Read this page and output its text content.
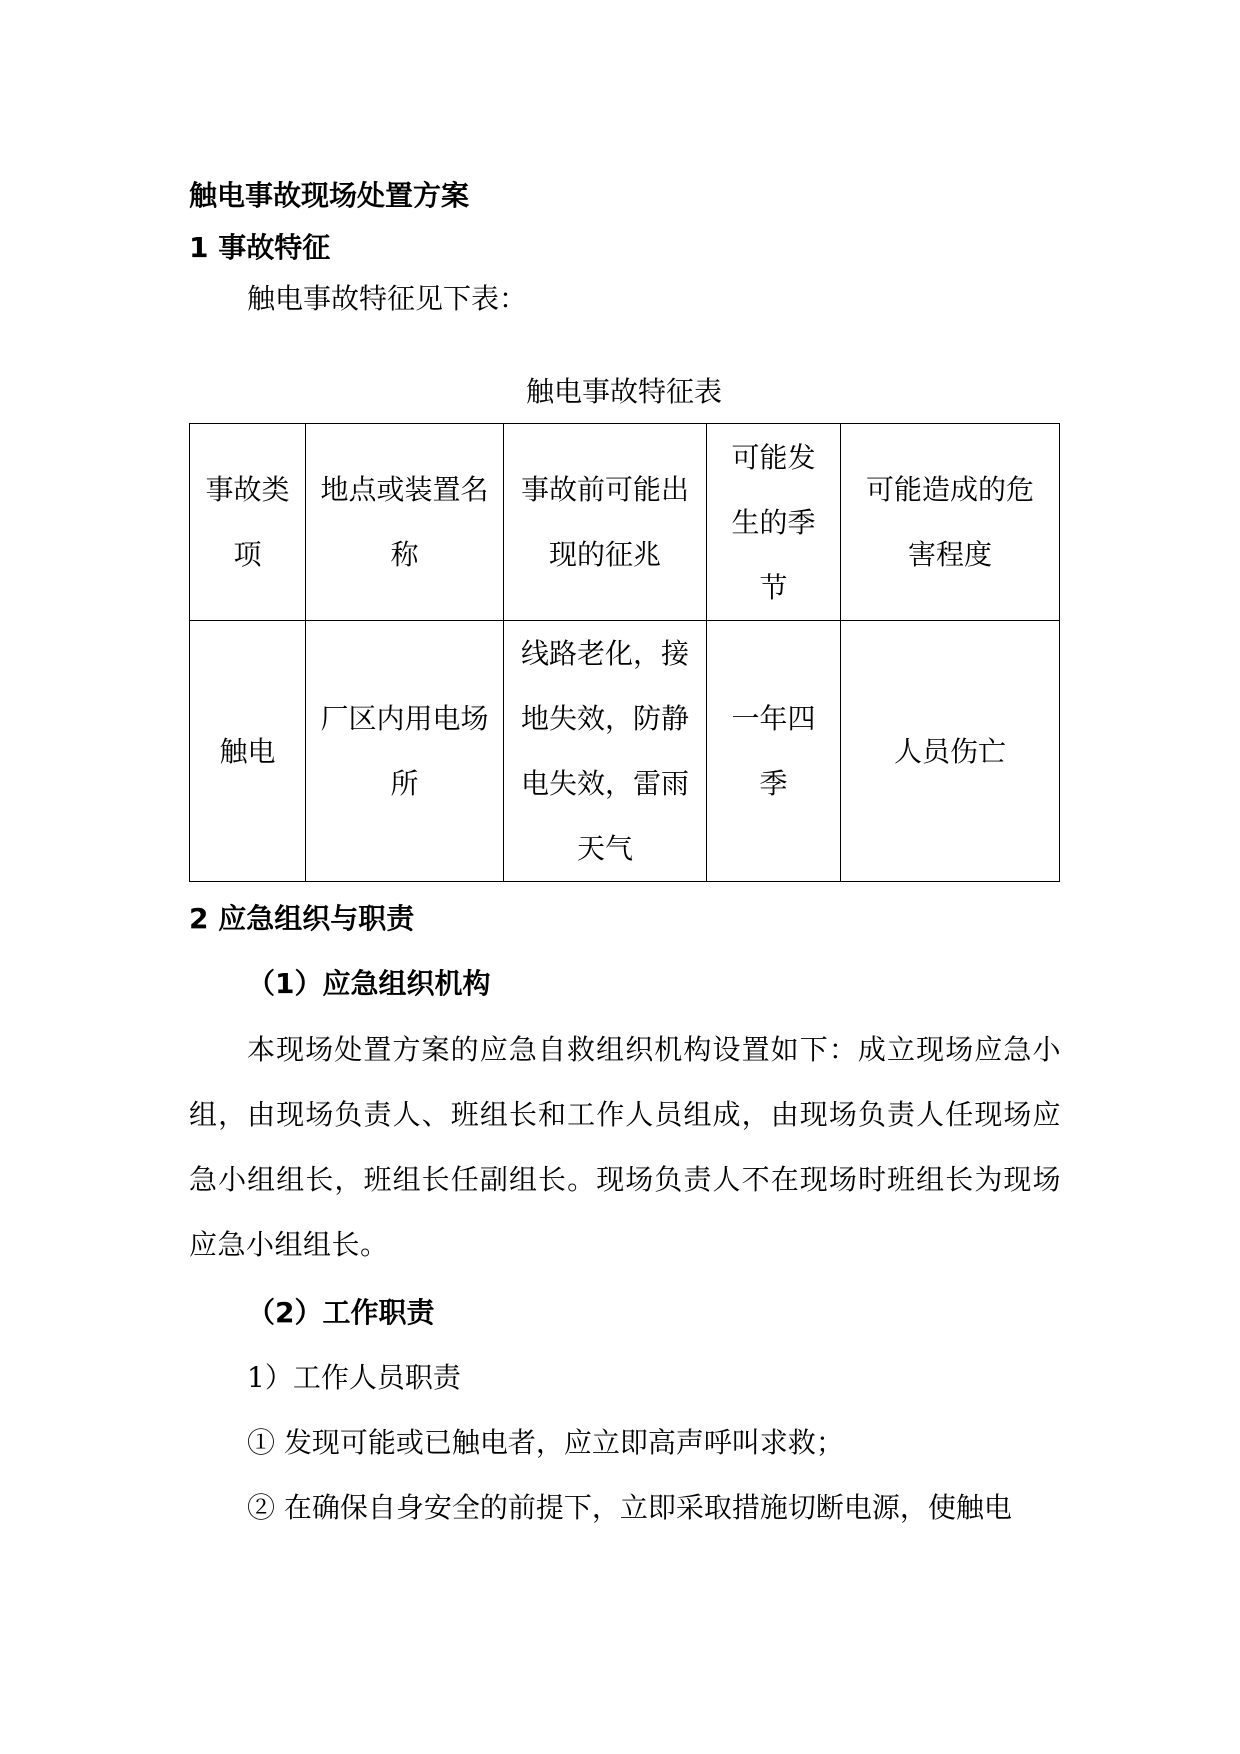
触电事故现场处置方案
1 事故特征
触电事故特征见下表：
触电事故特征表
事故类项	地点或装置名称	事故前可能出现的征兆	可能发生的季节	可能造成的危害程度
触电	厂区内用电场所	线路老化，接地失效，防静电失效，雷雨天气	一年四季	人员伤亡
2 应急组织与职责
（1）应急组织机构
本现场处置方案的应急自救组织机构设置如下：成立现场应急小组，由现场负责人、班组长和工作人员组成，由现场负责人任现场应急小组组长，班组长任副组长。现场负责人不在现场时班组长为现场应急小组组长。
（2）工作职责
1）工作人员职责
① 发现可能或已触电者，应立即高声呼叫求救；
② 在确保自身安全的前提下，立即采取措施切断电源，使触电
